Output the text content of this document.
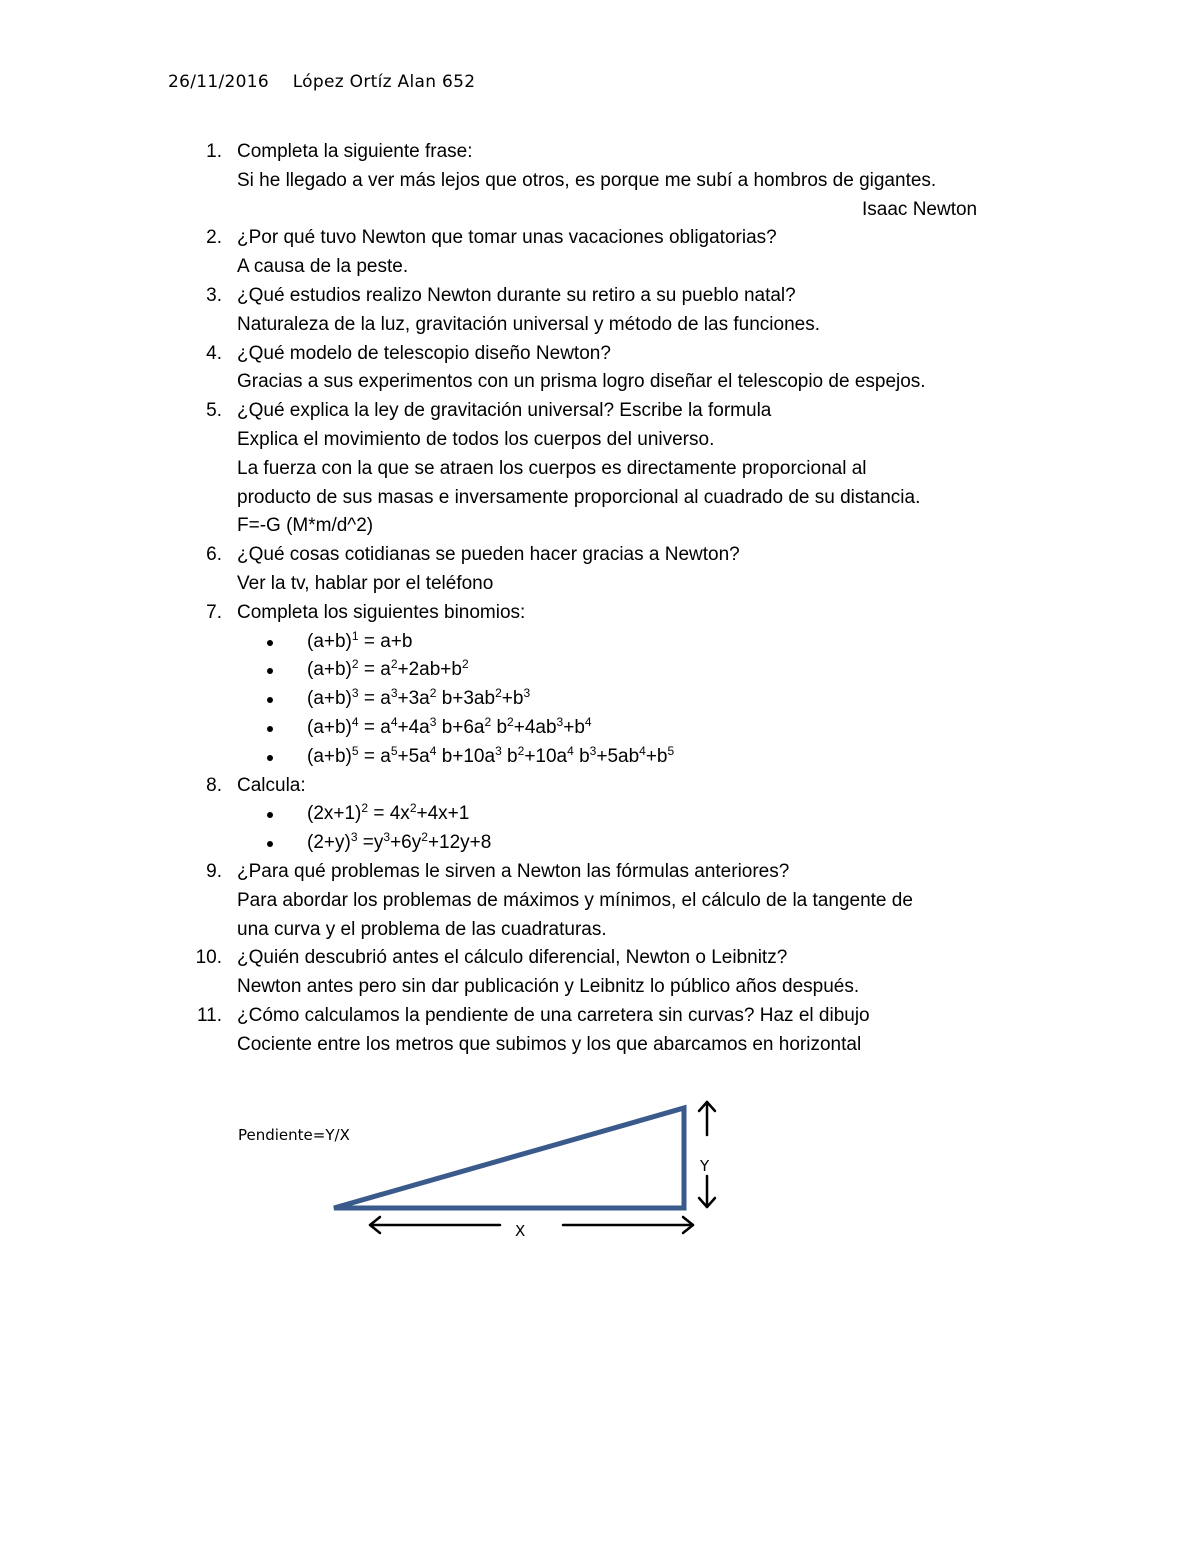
26/11/2016 López Ortíz Alan 652
1. Completa la siguiente frase:
Si he llegado a ver más lejos que otros, es porque me subí a hombros de gigantes.
Isaac Newton
2. ¿Por qué tuvo Newton que tomar unas vacaciones obligatorias?
A causa de la peste.
3. ¿Qué estudios realizo Newton durante su retiro a su pueblo natal?
Naturaleza de la luz, gravitación universal y método de las funciones.
4. ¿Qué modelo de telescopio diseño Newton?
Gracias a sus experimentos con un prisma logro diseñar el telescopio de espejos.
5. ¿Qué explica la ley de gravitación universal? Escribe la formula
Explica el movimiento de todos los cuerpos del universo.
La fuerza con la que se atraen los cuerpos es directamente proporcional al
producto de sus masas e inversamente proporcional al cuadrado de su distancia.
F=-G (M*m/d^2)
6. ¿Qué cosas cotidianas se pueden hacer gracias a Newton?
Ver la tv, hablar por el teléfono
7. Completa los siguientes binomios:
$(a+b)^1 = a+b$
$(a+b)^2 = a^2+2ab+b^2$
$(a+b)^3 = a^3+3a^2$ $b+3ab^2+b^3$
$(a+b)^4 = a^4+4a^3$ $b+6a^2$ $b^2+4ab^3+b^4$
$(a+b)^5 = a^5+5a^4$ $b+10a^3$ $b^2+10a^4$ $b^3+5ab^4+b^5$
8. Calcula:
$(2x+1)^2 = 4x^2+4x+1$
$(2+y)^3 =y^3+6y^2+12y+8$
9. ¿Para qué problemas le sirven a Newton las fórmulas anteriores?
Para abordar los problemas de máximos y mínimos, el cálculo de la tangente de
una curva y el problema de las cuadraturas.
10. ¿Quién descubrió antes el cálculo diferencial, Newton o Leibnitz?
Newton antes pero sin dar publicación y Leibnitz lo público años después.
11. ¿Cómo calculamos la pendiente de una carretera sin curvas? Haz el dibujo
Cociente entre los metros que subimos y los que abarcamos en horizontal
Pendiente=Y/X
Y
X
